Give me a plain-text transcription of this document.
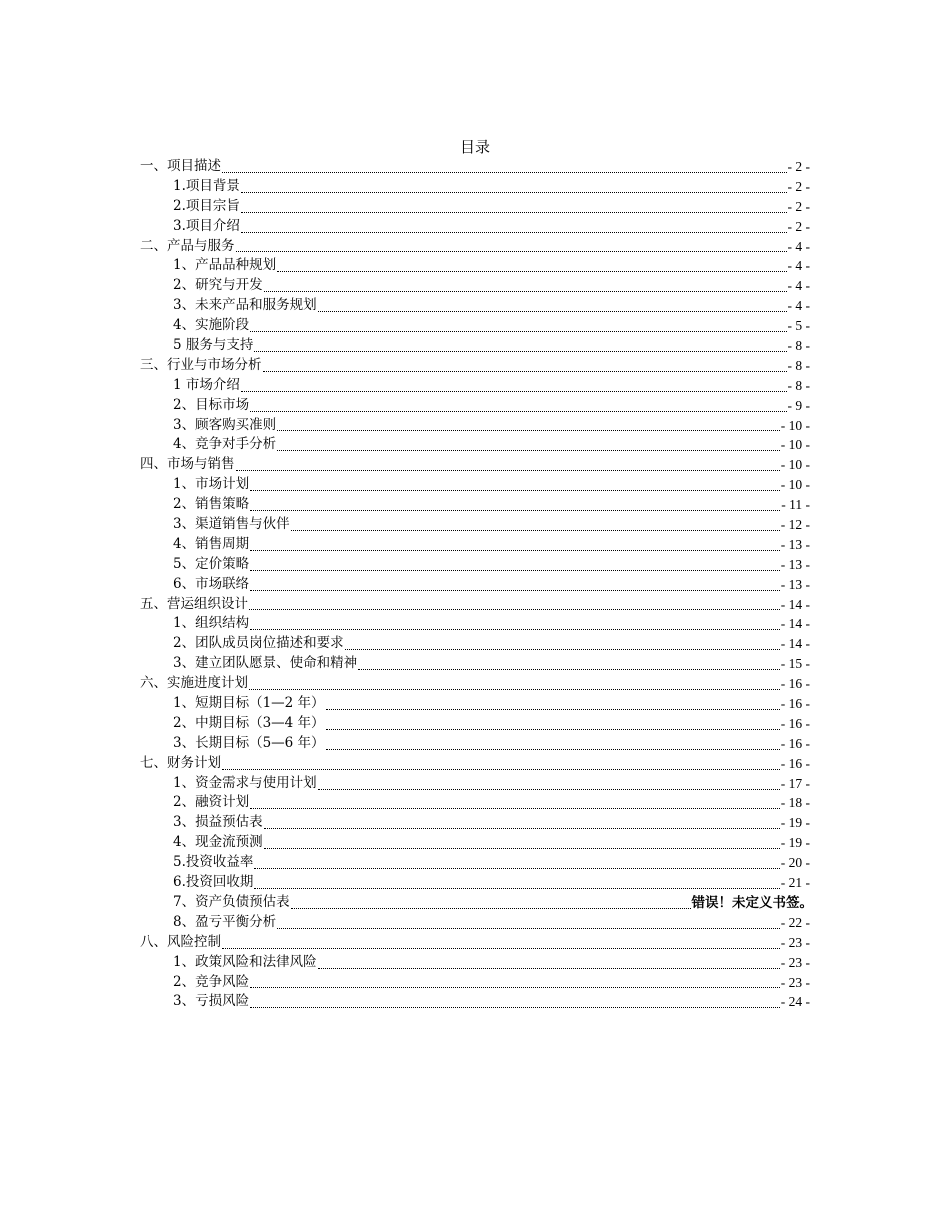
目录
一、项目描述	- 2 -
1.项目背景	- 2 -
2.项目宗旨	- 2 -
3.项目介绍	- 2 -
二、产品与服务	- 4 -
1、产品品种规划	- 4 -
2、研究与开发	- 4 -
3、未来产品和服务规划	- 4 -
4、实施阶段	- 5 -
5 服务与支持	- 8 -
三、行业与市场分析	- 8 -
1 市场介绍	- 8 -
2、目标市场	- 9 -
3、顾客购买准则	- 10 -
4、竞争对手分析	- 10 -
四、市场与销售	- 10 -
1、市场计划	- 10 -
2、销售策略	- 11 -
3、渠道销售与伙伴	- 12 -
4、销售周期	- 13 -
5、定价策略	- 13 -
6、市场联络	- 13 -
五、营运组织设计	- 14 -
1、组织结构	- 14 -
2、团队成员岗位描述和要求	- 14 -
3、建立团队愿景、使命和精神	- 15 -
六、实施进度计划	- 16 -
1、短期目标（1—2 年）	- 16 -
2、中期目标（3—4 年）	- 16 -
3、长期目标（5—6 年）	- 16 -
七、财务计划	- 16 -
1、资金需求与使用计划	- 17 -
2、融资计划	- 18 -
3、损益预估表	- 19 -
4、现金流预测	- 19 -
5.投资收益率	- 20 -
6.投资回收期	- 21 -
7、资产负债预估表	错误！未定义书签。
8、盈亏平衡分析	- 22 -
八、风险控制	- 23 -
1、政策风险和法律风险	- 23 -
2、竞争风险	- 23 -
3、亏损风险	- 24 -
